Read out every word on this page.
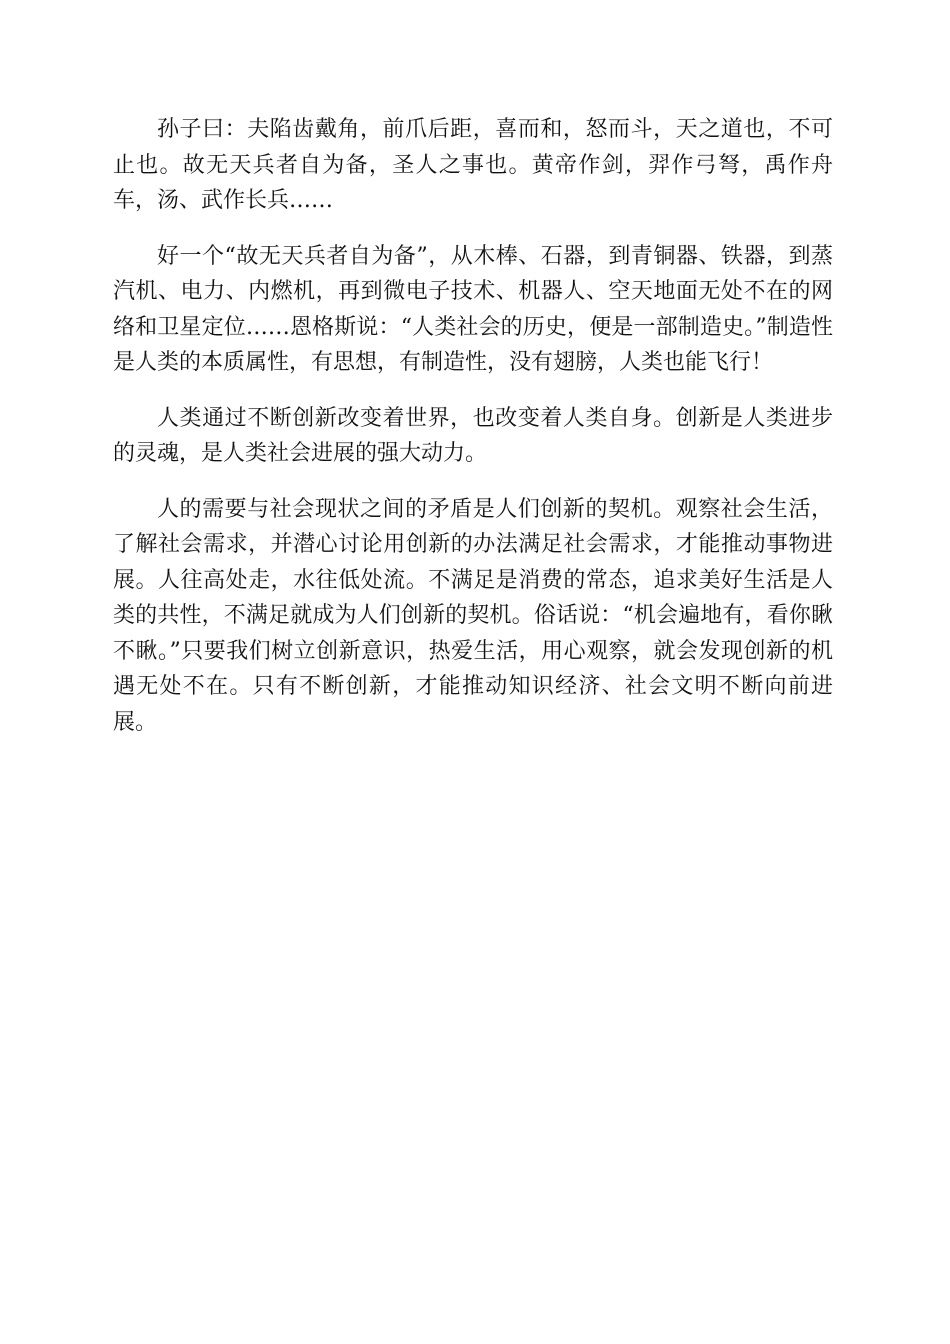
孙子曰：夫陷齿戴角，前爪后距，喜而和，怒而斗，天之道也，不可止也。故无天兵者自为备，圣人之事也。黄帝作剑，羿作弓弩，禹作舟车，汤、武作长兵……

好一个“故无天兵者自为备”，从木棒、石器，到青铜器、铁器，到蒸汽机、电力、内燃机，再到微电子技术、机器人、空天地面无处不在的网络和卫星定位……恩格斯说：“人类社会的历史，便是一部制造史。”制造性是人类的本质属性，有思想，有制造性，没有翅膀，人类也能飞行！

人类通过不断创新改变着世界，也改变着人类自身。创新是人类进步的灵魂，是人类社会进展的强大动力。

人的需要与社会现状之间的矛盾是人们创新的契机。观察社会生活，了解社会需求，并潜心讨论用创新的办法满足社会需求，才能推动事物进展。人往高处走，水往低处流。不满足是消费的常态，追求美好生活是人类的共性，不满足就成为人们创新的契机。俗话说：“机会遍地有，看你瞅不瞅。”只要我们树立创新意识，热爱生活，用心观察，就会发现创新的机遇无处不在。只有不断创新，才能推动知识经济、社会文明不断向前进展。
